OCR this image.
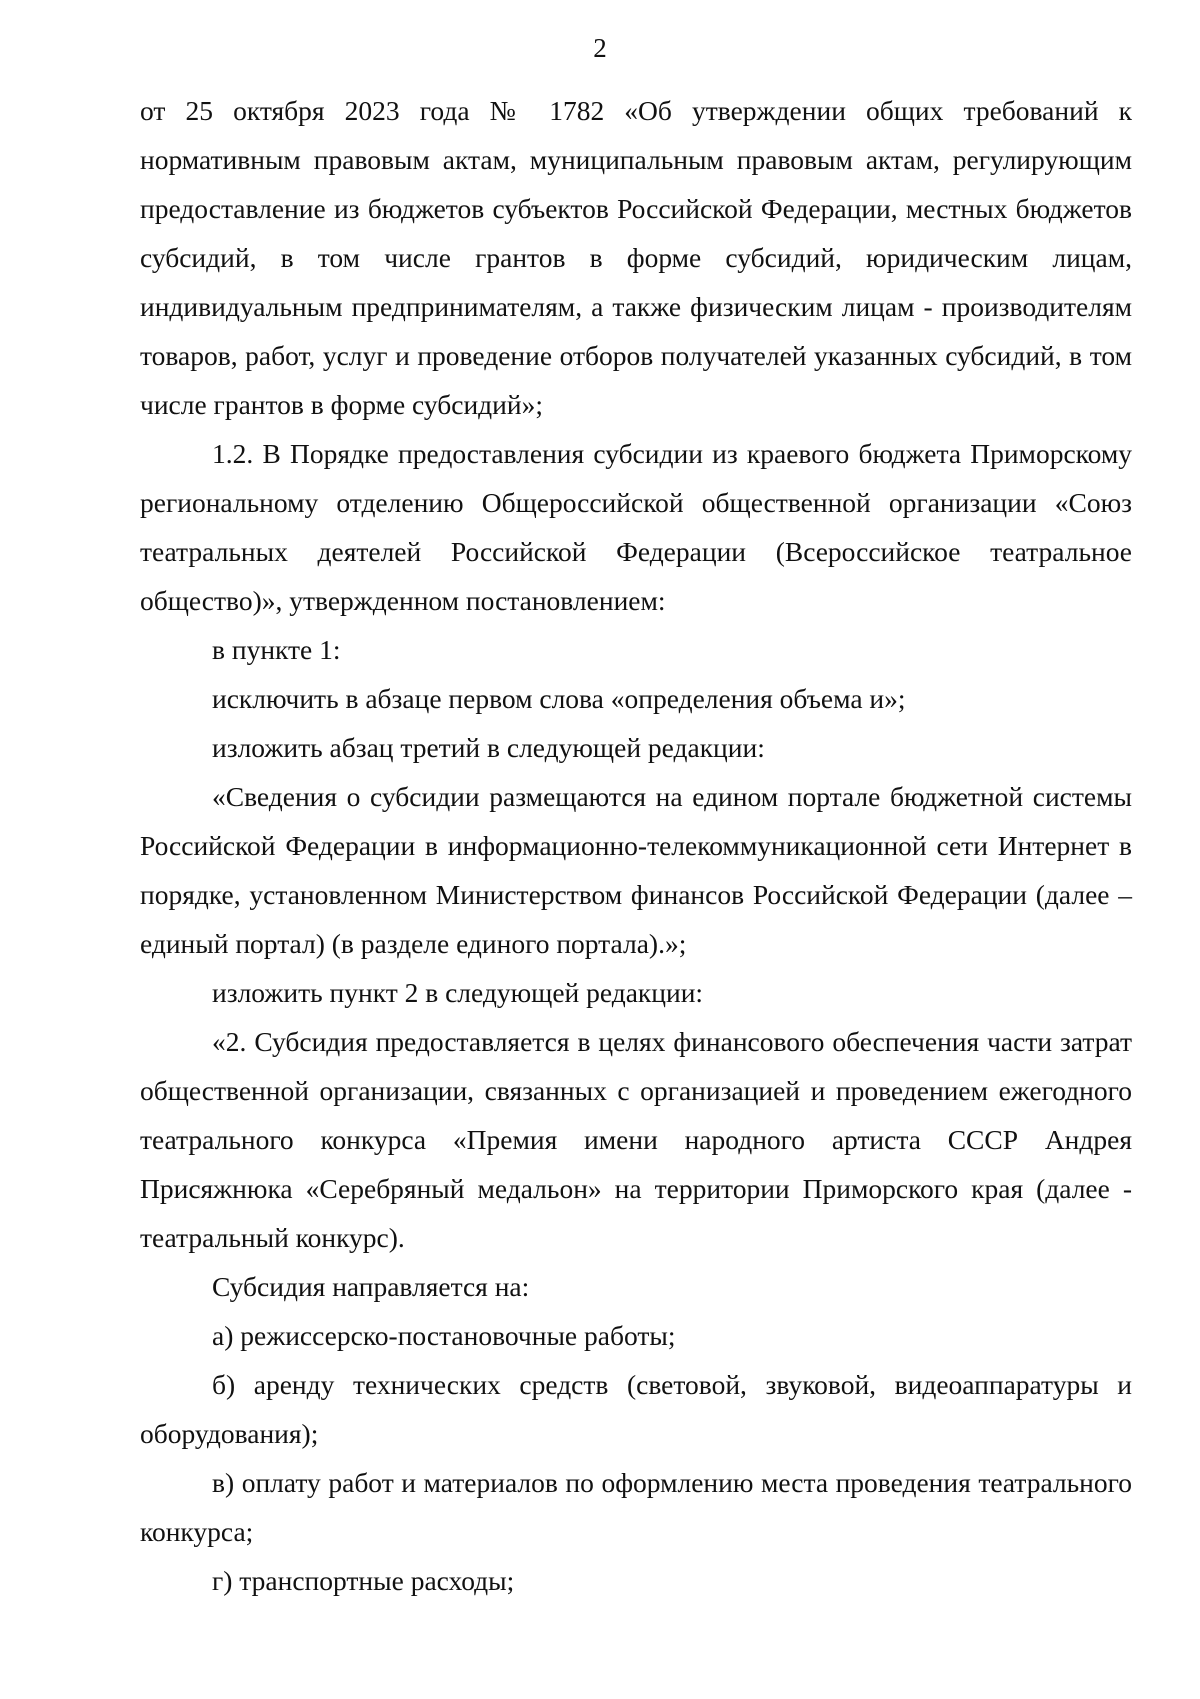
2

от 25 октября 2023 года № 1782 «Об утверждении общих требований к нормативным правовым актам, муниципальным правовым актам, регулирующим предоставление из бюджетов субъектов Российской Федерации, местных бюджетов субсидий, в том числе грантов в форме субсидий, юридическим лицам, индивидуальным предпринимателям, а также физическим лицам - производителям товаров, работ, услуг и проведение отборов получателей указанных субсидий, в том числе грантов в форме субсидий»;

1.2. В Порядке предоставления субсидии из краевого бюджета Приморскому региональному отделению Общероссийской общественной организации «Союз театральных деятелей Российской Федерации (Всероссийское театральное общество)», утвержденном постановлением:

в пункте 1:

исключить в абзаце первом слова «определения объема и»;

изложить абзац третий в следующей редакции:

«Сведения о субсидии размещаются на едином портале бюджетной системы Российской Федерации в информационно-телекоммуникационной сети Интернет в порядке, установленном Министерством финансов Российской Федерации (далее – единый портал) (в разделе единого портала).»;

изложить пункт 2 в следующей редакции:

«2. Субсидия предоставляется в целях финансового обеспечения части затрат общественной организации, связанных с организацией и проведением ежегодного театрального конкурса «Премия имени народного артиста СССР Андрея Присяжнюка «Серебряный медальон» на территории Приморского края (далее - театральный конкурс).

Субсидия направляется на:

а) режиссерско-постановочные работы;

б) аренду технических средств (световой, звуковой, видеоаппаратуры и оборудования);

в) оплату работ и материалов по оформлению места проведения театрального конкурса;

г) транспортные расходы;
